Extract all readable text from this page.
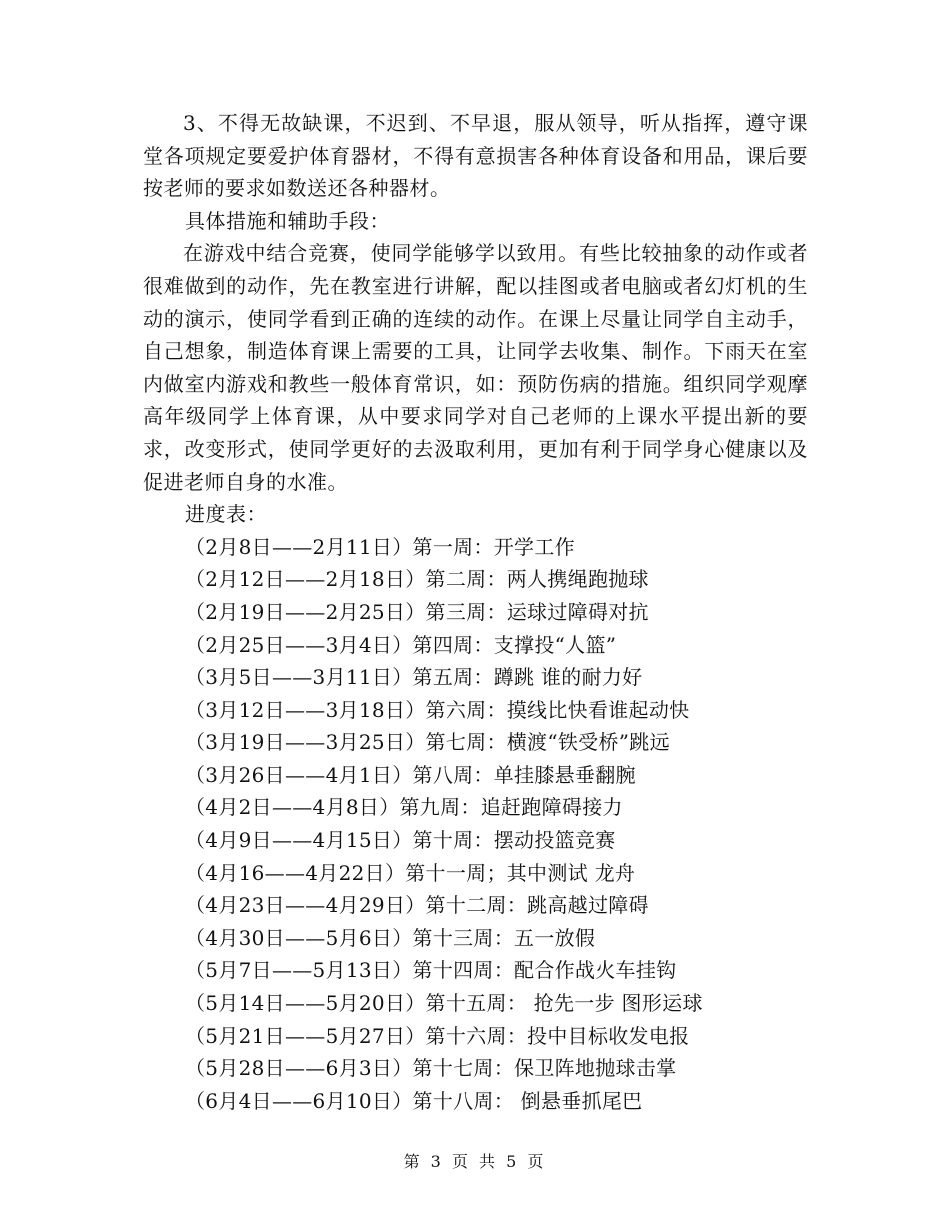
3、不得无故缺课，不迟到、不早退，服从领导，听从指挥，遵守课堂各项规定要爱护体育器材，不得有意损害各种体育设备和用品，课后要按老师的要求如数送还各种器材。

具体措施和辅助手段：

在游戏中结合竞赛，使同学能够学以致用。有些比较抽象的动作或者很难做到的动作，先在教室进行讲解，配以挂图或者电脑或者幻灯机的生动的演示，使同学看到正确的连续的动作。在课上尽量让同学自主动手，自己想象，制造体育课上需要的工具，让同学去收集、制作。下雨天在室内做室内游戏和教些一般体育常识，如：预防伤病的措施。组织同学观摩高年级同学上体育课，从中要求同学对自己老师的上课水平提出新的要求，改变形式，使同学更好的去汲取利用，更加有利于同学身心健康以及促进老师自身的水准。

进度表：

（2月8日——2月11日）第一周：开学工作
（2月12日——2月18日）第二周：两人携绳跑抛球
（2月19日——2月25日）第三周：运球过障碍对抗
（2月25日——3月4日）第四周：支撑投“人篮”
（3月5日——3月11日）第五周：蹲跳 谁的耐力好
（3月12日——3月18日）第六周：摸线比快看谁起动快
（3月19日——3月25日）第七周：横渡“铁受桥”跳远
（3月26日——4月1日）第八周：单挂膝悬垂翻腕
（4月2日——4月8日）第九周：追赶跑障碍接力
（4月9日——4月15日）第十周：摆动投篮竞赛
（4月16——4月22日）第十一周；其中测试 龙舟
（4月23日——4月29日）第十二周：跳高越过障碍
（4月30日——5月6日）第十三周：五一放假
（5月7日——5月13日）第十四周：配合作战火车挂钩
（5月14日——5月20日）第十五周： 抢先一步 图形运球
（5月21日——5月27日）第十六周：投中目标收发电报
（5月28日——6月3日）第十七周：保卫阵地抛球击掌
（6月4日——6月10日）第十八周： 倒悬垂抓尾巴
第 3 页 共 5 页
